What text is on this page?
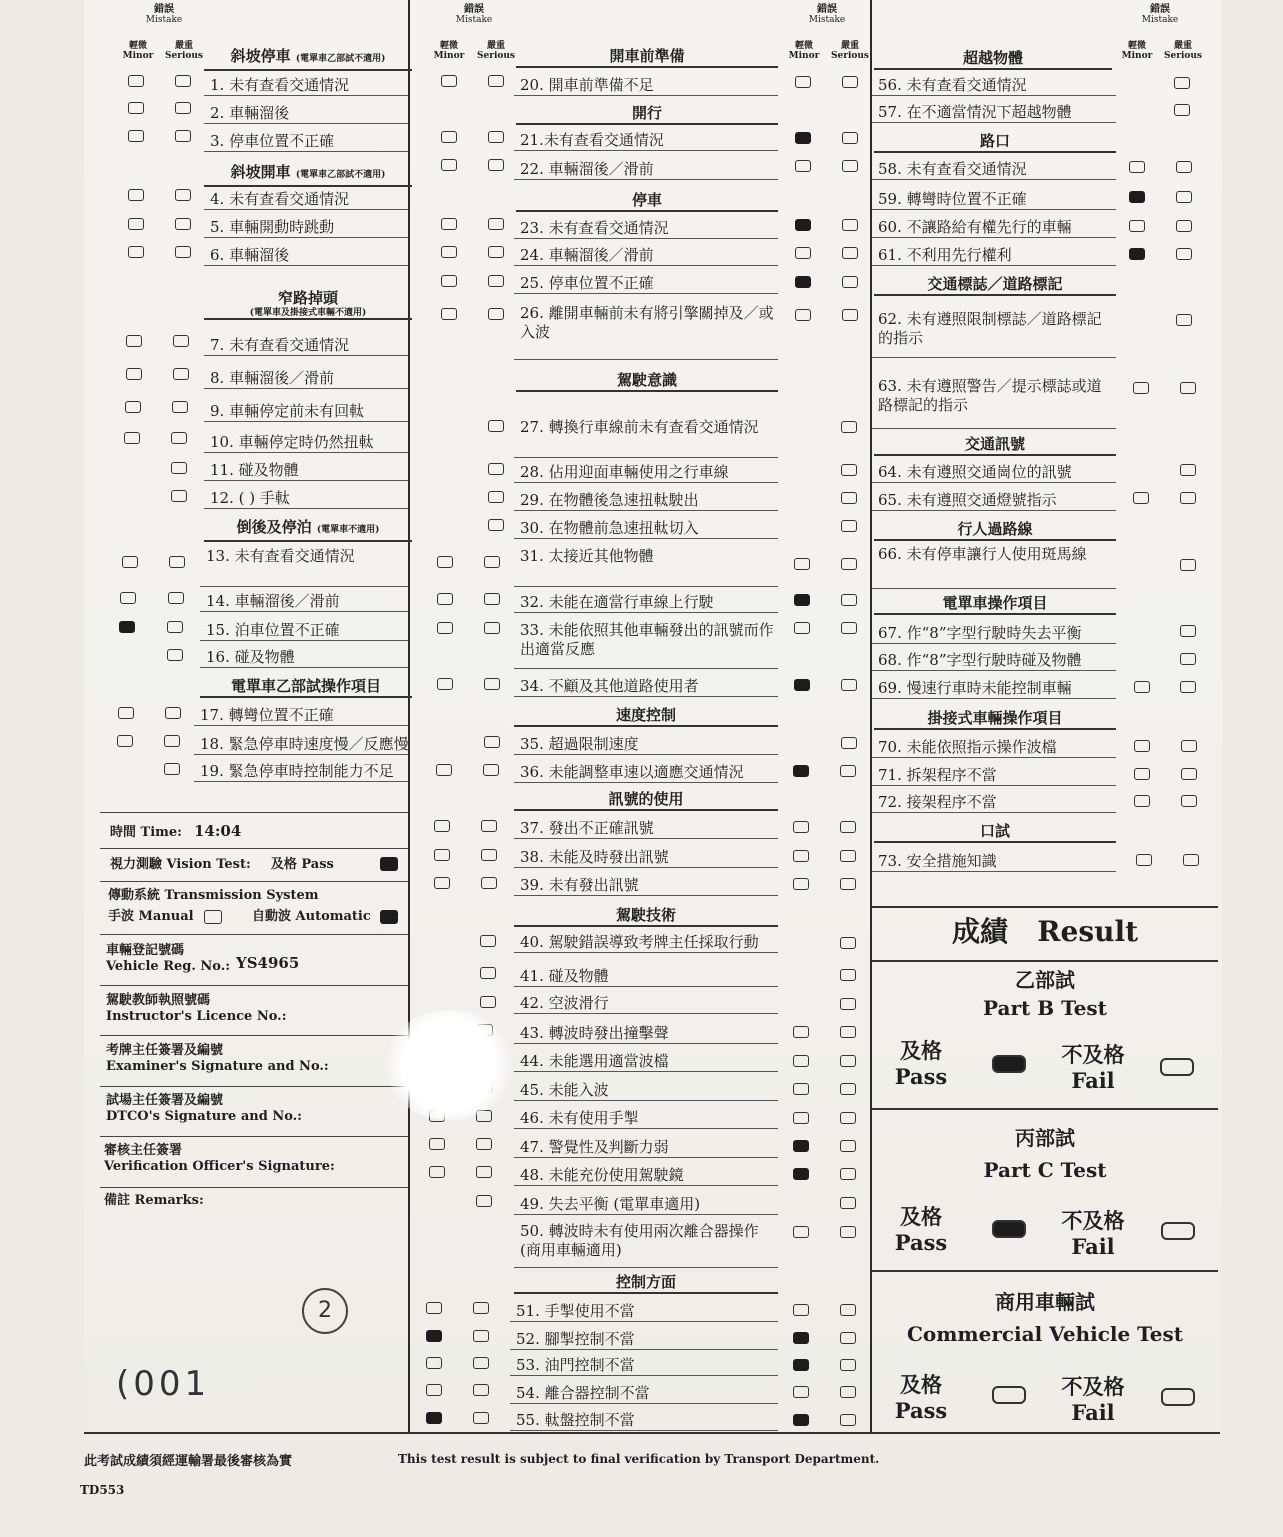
錯誤
Mistake
輕微
Minor
嚴重
Serious
錯誤
Mistake
輕微
Minor
嚴重
Serious
錯誤
Mistake
輕微
Minor
嚴重
Serious
錯誤
Mistake
輕微
Minor
嚴重
Serious
斜坡停車 (電單車乙部試不適用)
1. 未有查看交通情況
2. 車輛溜後
3. 停車位置不正確
斜坡開車 (電單車乙部試不適用)
4. 未有查看交通情況
5. 車輛開動時跳動
6. 車輛溜後
窄路掉頭
(電單車及掛接式車輛不適用)
7. 未有查看交通情況
8. 車輛溜後／滑前
9. 車輛停定前未有回軚
10. 車輛停定時仍然扭軚
11. 碰及物體
12. ( ) 手軚
倒後及停泊 (電單車不適用)
13. 未有查看交通情況
14. 車輛溜後／滑前
15. 泊車位置不正確
16. 碰及物體
電單車乙部試操作項目
17. 轉彎位置不正確
18. 緊急停車時速度慢／反應慢
19. 緊急停車時控制能力不足
時間 Time: 14:04
視力測驗 Vision Test: 及格 Pass
傳動系統 Transmission System
手波 Manual	自動波 Automatic
車輛登記號碼
Vehicle Reg. No.: YS4965
駕駛教師執照號碼
Instructor's Licence No.:
考牌主任簽署及編號
Examiner's Signature and No.:
試場主任簽署及編號
DTCO's Signature and No.:
審核主任簽署
Verification Officer's Signature:
備註 Remarks:
2
(001
開車前準備
20. 開車前準備不足
開行
21.未有查看交通情況
22. 車輛溜後／滑前
停車
23. 未有查看交通情況
24. 車輛溜後／滑前
25. 停車位置不正確
26. 離開車輛前未有將引擎關掉及／或入波
駕駛意識
27. 轉換行車線前未有查看交通情況
28. 佔用迎面車輛使用之行車線
29. 在物體後急速扭軚駛出
30. 在物體前急速扭軚切入
31. 太接近其他物體
32. 未能在適當行車線上行駛
33. 未能依照其他車輛發出的訊號而作出適當反應
34. 不顧及其他道路使用者
速度控制
35. 超過限制速度
36. 未能調整車速以適應交通情況
訊號的使用
37. 發出不正確訊號
38. 未能及時發出訊號
39. 未有發出訊號
駕駛技術
40. 駕駛錯誤導致考牌主任採取行動
41. 碰及物體
42. 空波滑行
43. 轉波時發出撞擊聲
44. 未能選用適當波檔
45. 未能入波
46. 未有使用手掣
47. 警覺性及判斷力弱
48. 未能充份使用駕駛鏡
49. 失去平衡 (電單車適用)
50. 轉波時未有使用兩次離合器操作 (商用車輛適用)
控制方面
51. 手掣使用不當
52. 腳掣控制不當
53. 油門控制不當
54. 離合器控制不當
55. 軚盤控制不當
超越物體
56. 未有查看交通情況
57. 在不適當情況下超越物體
路口
58. 未有查看交通情況
59. 轉彎時位置不正確
60. 不讓路給有權先行的車輛
61. 不利用先行權利
交通標誌／道路標記
62. 未有遵照限制標誌／道路標記的指示
63. 未有遵照警告／提示標誌或道路標記的指示
交通訊號
64. 未有遵照交通崗位的訊號
65. 未有遵照交通燈號指示
行人過路線
66. 未有停車讓行人使用斑馬線
電單車操作項目
67. 作“8”字型行駛時失去平衡
68. 作“8”字型行駛時碰及物體
69. 慢速行車時未能控制車輛
掛接式車輛操作項目
70. 未能依照指示操作波檔
71. 拆架程序不當
72. 接架程序不當
口試
73. 安全措施知識
成績 Result
乙部試
Part B Test
及格
Pass
不及格
Fail
丙部試
Part C Test
及格
Pass
不及格
Fail
商用車輛試
Commercial Vehicle Test
及格
Pass
不及格
Fail
此考試成績須經運輸署最後審核為實	This test result is subject to final verification by Transport Department.
TD553
